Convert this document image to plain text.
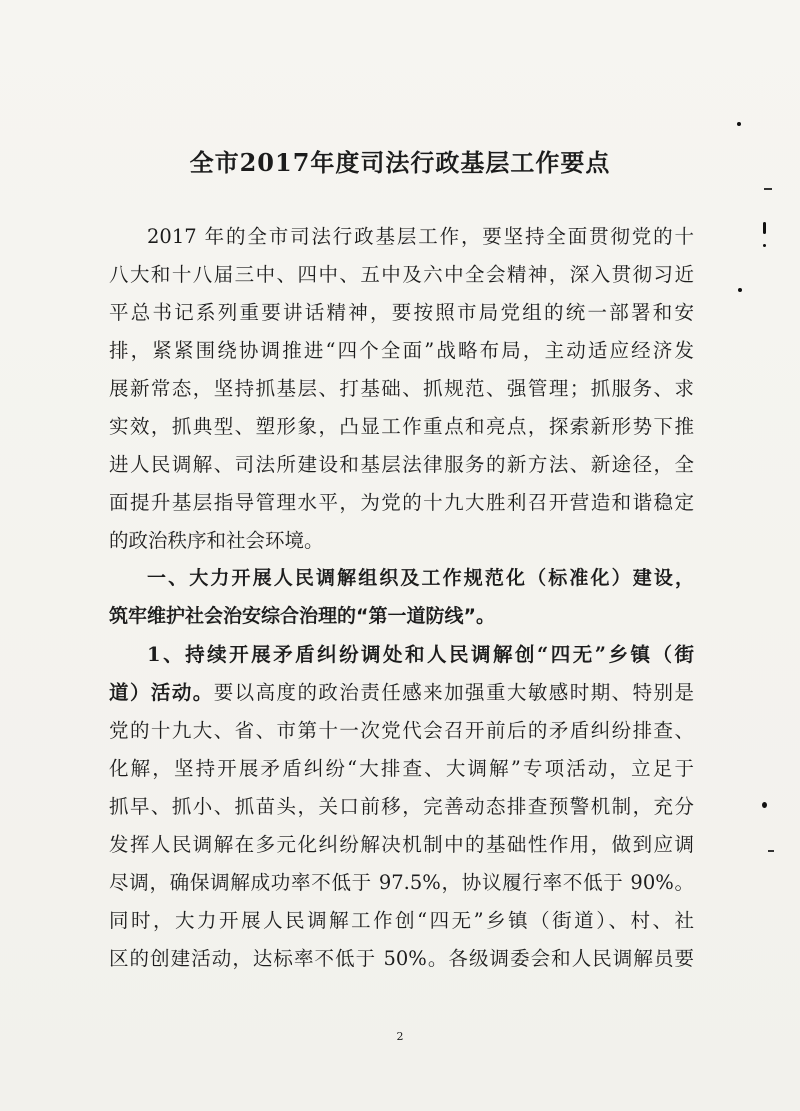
全市2017年度司法行政基层工作要点
2017 年的全市司法行政基层工作，要坚持全面贯彻党的十
八大和十八届三中、四中、五中及六中全会精神，深入贯彻习近
平总书记系列重要讲话精神，要按照市局党组的统一部署和安
排，紧紧围绕协调推进“四个全面”战略布局，主动适应经济发
展新常态，坚持抓基层、打基础、抓规范、强管理；抓服务、求
实效，抓典型、塑形象，凸显工作重点和亮点，探索新形势下推
进人民调解、司法所建设和基层法律服务的新方法、新途径，全
面提升基层指导管理水平，为党的十九大胜利召开营造和谐稳定
的政治秩序和社会环境。
一、大力开展人民调解组织及工作规范化（标准化）建设，
筑牢维护社会治安综合治理的“第一道防线”。
1、持续开展矛盾纠纷调处和人民调解创“四无”乡镇（街
道）活动。要以高度的政治责任感来加强重大敏感时期、特别是
党的十九大、省、市第十一次党代会召开前后的矛盾纠纷排查、
化解，坚持开展矛盾纠纷“大排查、大调解”专项活动，立足于
抓早、抓小、抓苗头，关口前移，完善动态排查预警机制，充分
发挥人民调解在多元化纠纷解决机制中的基础性作用，做到应调
尽调，确保调解成功率不低于 97.5%，协议履行率不低于 90%。
同时，大力开展人民调解工作创“四无”乡镇（街道）、村、社
区的创建活动，达标率不低于 50%。各级调委会和人民调解员要
2
